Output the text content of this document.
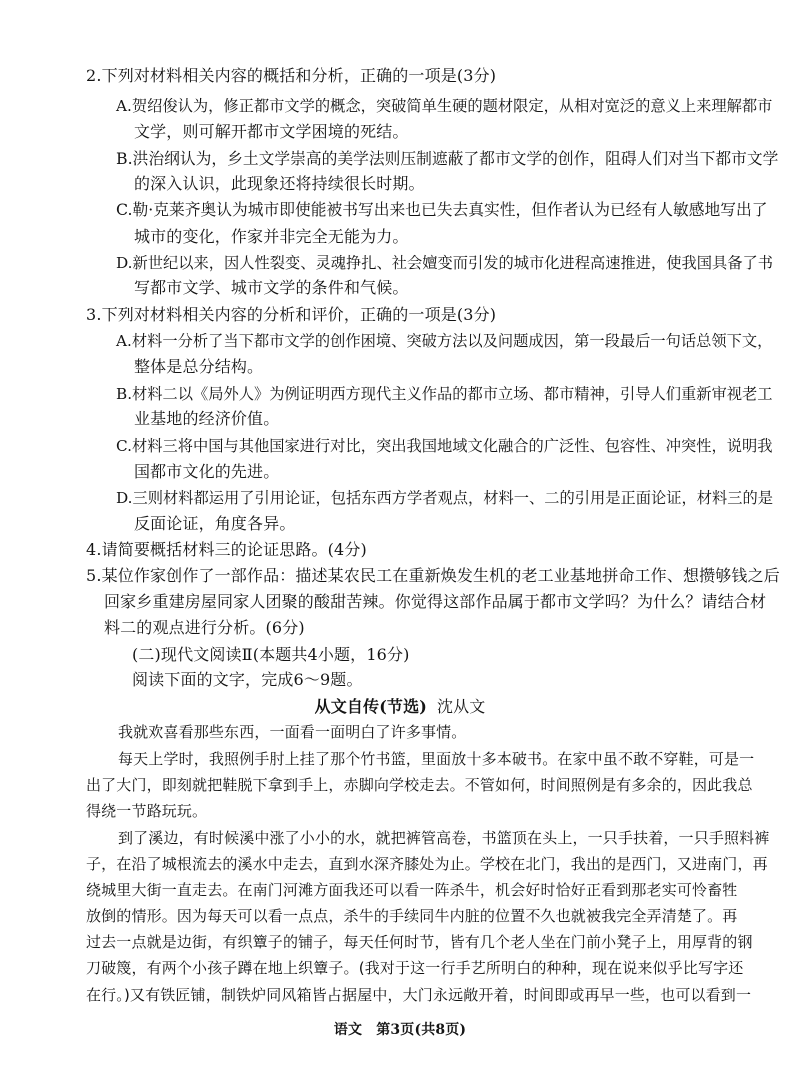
2.下列对材料相关内容的概括和分析，正确的一项是(3分)
A.贺绍俊认为，修正都市文学的概念，突破简单生硬的题材限定，从相对宽泛的意义上来理解都市
文学，则可解开都市文学困境的死结。
B.洪治纲认为，乡土文学崇高的美学法则压制遮蔽了都市文学的创作，阻碍人们对当下都市文学
的深入认识，此现象还将持续很长时期。
C.勒·克莱齐奥认为城市即使能被书写出来也已失去真实性，但作者认为已经有人敏感地写出了
城市的变化，作家并非完全无能为力。
D.新世纪以来，因人性裂变、灵魂挣扎、社会嬗变而引发的城市化进程高速推进，使我国具备了书
写都市文学、城市文学的条件和气候。
3.下列对材料相关内容的分析和评价，正确的一项是(3分)
A.材料一分析了当下都市文学的创作困境、突破方法以及问题成因，第一段最后一句话总领下文，
整体是总分结构。
B.材料二以《局外人》为例证明西方现代主义作品的都市立场、都市精神，引导人们重新审视老工
业基地的经济价值。
C.材料三将中国与其他国家进行对比，突出我国地域文化融合的广泛性、包容性、冲突性，说明我
国都市文化的先进。
D.三则材料都运用了引用论证，包括东西方学者观点，材料一、二的引用是正面论证，材料三的是
反面论证，角度各异。
4.请简要概括材料三的论证思路。(4分)
5.某位作家创作了一部作品：描述某农民工在重新焕发生机的老工业基地拼命工作、想攒够钱之后
回家乡重建房屋同家人团聚的酸甜苦辣。你觉得这部作品属于都市文学吗？为什么？请结合材
料二的观点进行分析。(6分)
(二)现代文阅读Ⅱ(本题共4小题，16分)
阅读下面的文字，完成6～9题。
从文自传(节选) 沈从文
我就欢喜看那些东西，一面看一面明白了许多事情。
每天上学时，我照例手肘上挂了那个竹书篮，里面放十多本破书。在家中虽不敢不穿鞋，可是一
出了大门，即刻就把鞋脱下拿到手上，赤脚向学校走去。不管如何，时间照例是有多余的，因此我总
得绕一节路玩玩。
到了溪边，有时候溪中涨了小小的水，就把裤管高卷，书篮顶在头上，一只手扶着，一只手照料裤
子，在沿了城根流去的溪水中走去，直到水深齐膝处为止。学校在北门，我出的是西门，又进南门，再
绕城里大街一直走去。在南门河滩方面我还可以看一阵杀牛，机会好时恰好正看到那老实可怜畜牲
放倒的情形。因为每天可以看一点点，杀牛的手续同牛内脏的位置不久也就被我完全弄清楚了。再
过去一点就是边街，有织簟子的铺子，每天任何时节，皆有几个老人坐在门前小凳子上，用厚背的钢
刀破篾，有两个小孩子蹲在地上织簟子。(我对于这一行手艺所明白的种种，现在说来似乎比写字还
在行。)又有铁匠铺，制铁炉同风箱皆占据屋中，大门永远敞开着，时间即或再早一些，也可以看到一
语文　第3页(共8页)
